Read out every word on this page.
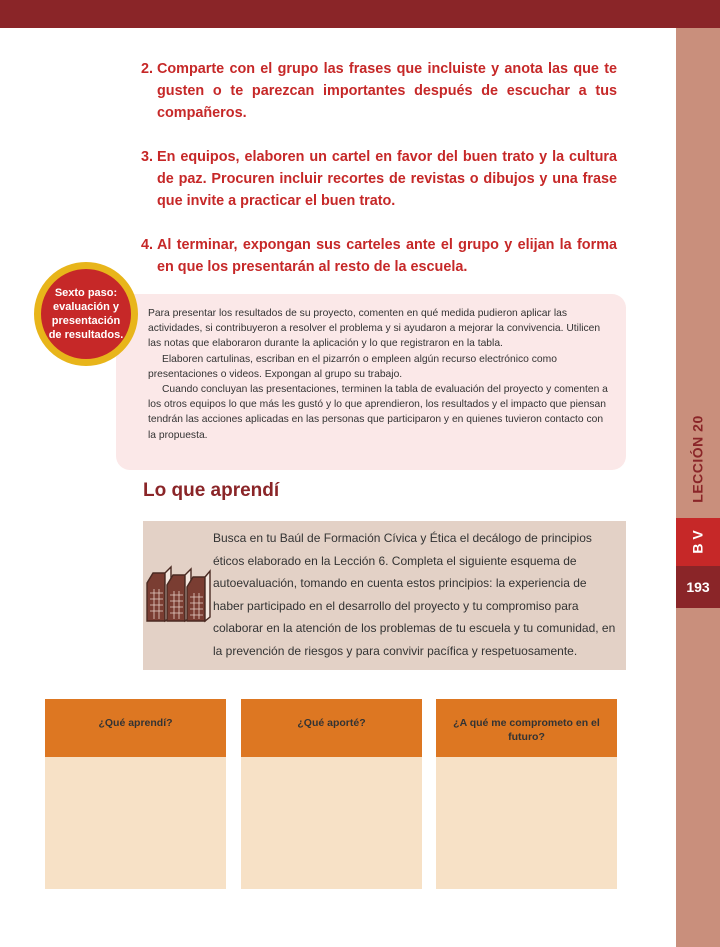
LECCIÓN 20
B V
193
2. Comparte con el grupo las frases que incluiste y anota las que te gusten o te parezcan importantes después de escuchar a tus compañeros.
3. En equipos, elaboren un cartel en favor del buen trato y la cultura de paz. Procuren incluir recortes de revistas o dibujos y una frase que invite a practicar el buen trato.
4. Al terminar, expongan sus carteles ante el grupo y elijan la forma en que los presentarán al resto de la escuela.
Sexto paso: evaluación y presentación de resultados.

Para presentar los resultados de su proyecto, comenten en qué medida pudieron aplicar las actividades, si contribuyeron a resolver el problema y si ayudaron a mejorar la convivencia. Utilicen las notas que elaboraron durante la aplicación y lo que registraron en la tabla.

Elaboren cartulinas, escriban en el pizarrón o empleen algún recurso electrónico como presentaciones o videos. Expongan al grupo su trabajo.

Cuando concluyan las presentaciones, terminen la tabla de evaluación del proyecto y comenten a los otros equipos lo que más les gustó y lo que aprendieron, los resultados y el impacto que piensan tendrán las acciones aplicadas en las personas que participaron y en quienes tuvieron contacto con la propuesta.

Lo que aprendí
Busca en tu Baúl de Formación Cívica y Ética el decálogo de principios éticos elaborado en la Lección 6. Completa el siguiente esquema de autoevaluación, tomando en cuenta estos principios: la experiencia de haber participado en el desarrollo del proyecto y tu compromiso para colaborar en la atención de los problemas de tu escuela y tu comunidad, en la prevención de riesgos y para convivir pacífica y respetuosamente.
¿Qué aprendí?	¿Qué aporté?	¿A qué me comprometo en el futuro?
